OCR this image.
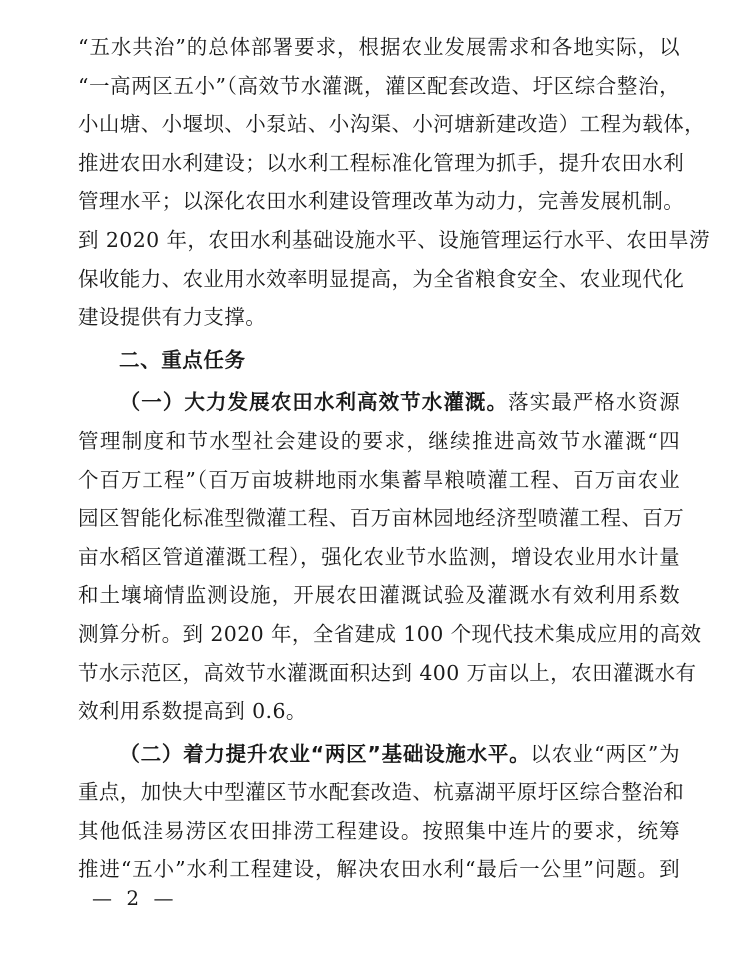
“五水共治”的总体部署要求，根据农业发展需求和各地实际，以
“一高两区五小”（高效节水灌溉，灌区配套改造、圩区综合整治，
小山塘、小堰坝、小泵站、小沟渠、小河塘新建改造）工程为载体，
推进农田水利建设；以水利工程标准化管理为抓手，提升农田水利
管理水平；以深化农田水利建设管理改革为动力，完善发展机制。
到 2020 年，农田水利基础设施水平、设施管理运行水平、农田旱涝
保收能力、农业用水效率明显提高，为全省粮食安全、农业现代化
建设提供有力支撑。
二、重点任务
（一）大力发展农田水利高效节水灌溉。落实最严格水资源
管理制度和节水型社会建设的要求，继续推进高效节水灌溉“四
个百万工程”（百万亩坡耕地雨水集蓄旱粮喷灌工程、百万亩农业
园区智能化标准型微灌工程、百万亩林园地经济型喷灌工程、百万
亩水稻区管道灌溉工程），强化农业节水监测，增设农业用水计量
和土壤墒情监测设施，开展农田灌溉试验及灌溉水有效利用系数
测算分析。到 2020 年，全省建成 100 个现代技术集成应用的高效
节水示范区，高效节水灌溉面积达到 400 万亩以上，农田灌溉水有
效利用系数提高到 0.6。
（二）着力提升农业“两区”基础设施水平。以农业“两区”为
重点，加快大中型灌区节水配套改造、杭嘉湖平原圩区综合整治和
其他低洼易涝区农田排涝工程建设。按照集中连片的要求，统筹
推进“五小”水利工程建设，解决农田水利“最后一公里”问题。到
— 2 —
